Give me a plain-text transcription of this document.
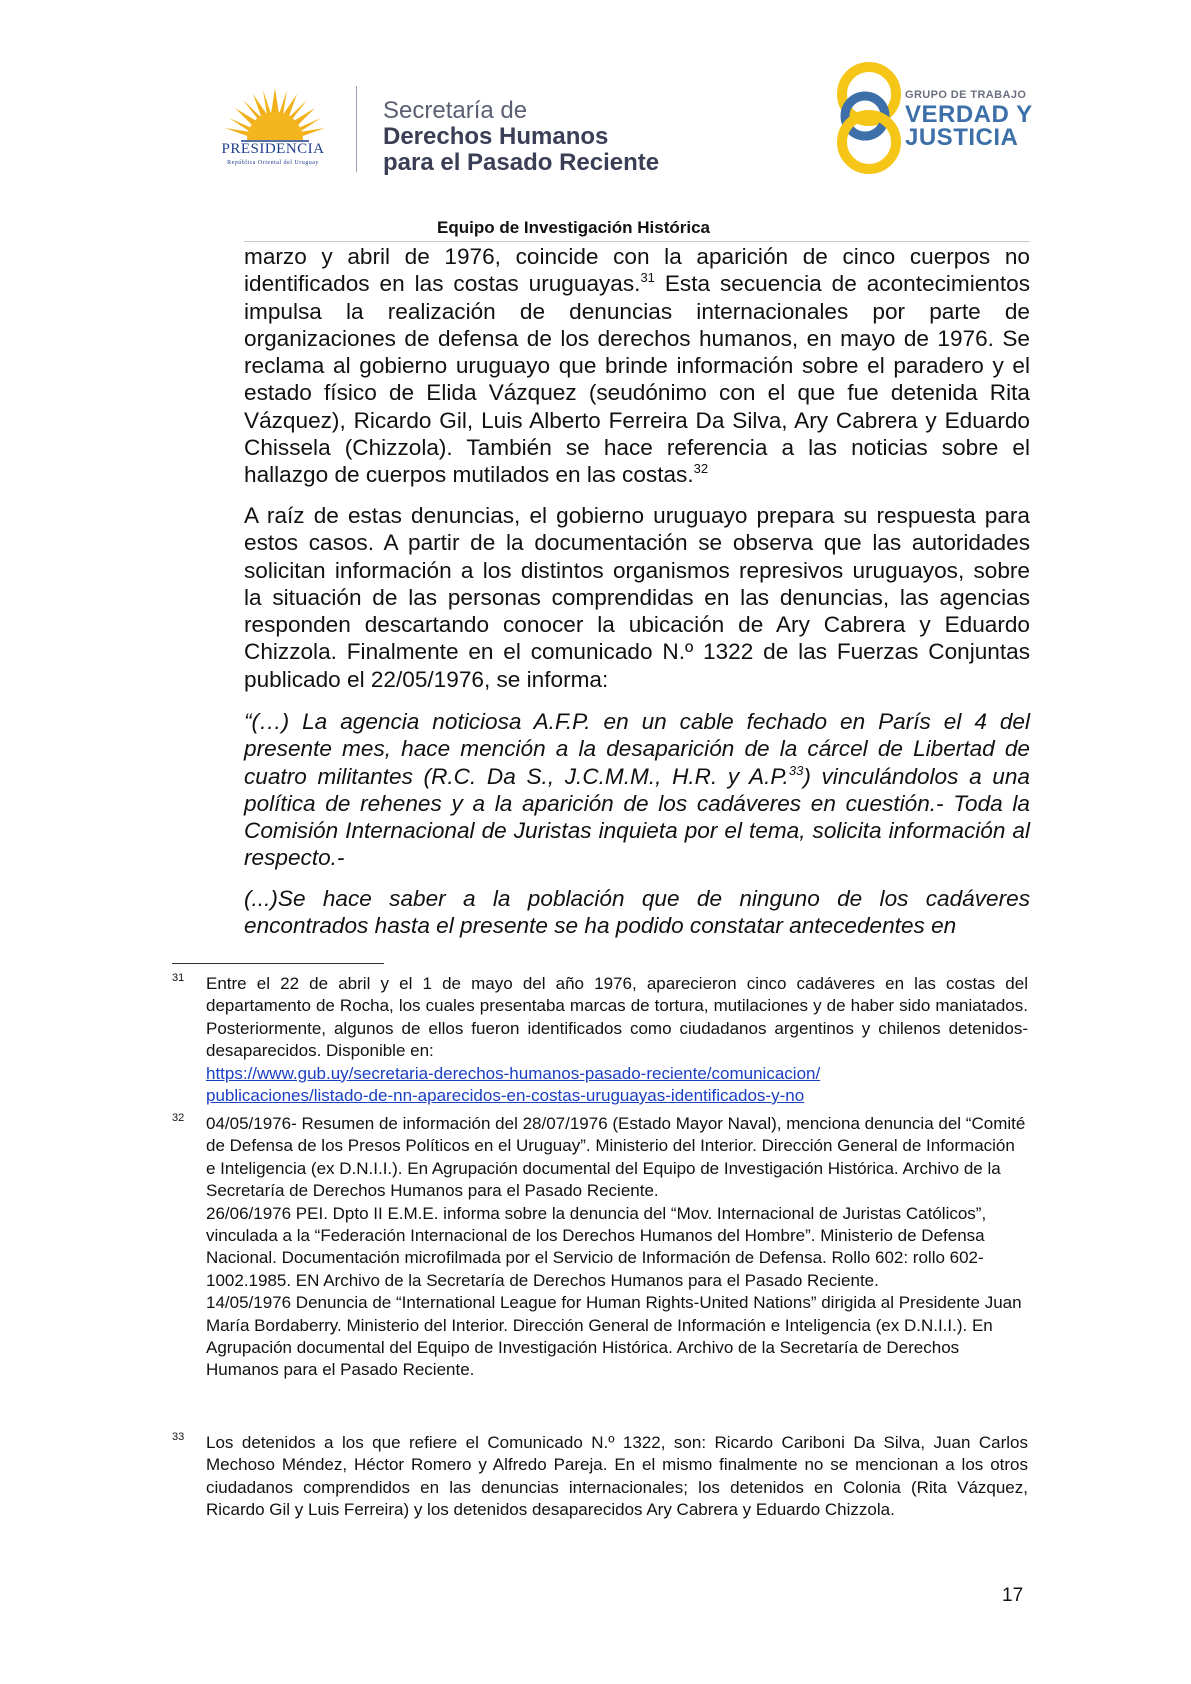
PRESIDENCIA
República Oriental del Uruguay
Secretaría de
Derechos Humanos
para el Pasado Reciente
GRUPO DE TRABAJO
VERDAD Y
JUSTICIA
Equipo de Investigación Histórica

marzo y abril de 1976, coincide con la aparición de cinco cuerpos no identificados en las costas uruguayas.$^{31}$ Esta secuencia de acontecimientos impulsa la realización de denuncias internacionales por parte de organizaciones de defensa de los derechos humanos, en mayo de 1976. Se reclama al gobierno uruguayo que brinde información sobre el paradero y el estado físico de Elida Vázquez (seudónimo con el que fue detenida Rita Vázquez), Ricardo Gil, Luis Alberto Ferreira Da Silva, Ary Cabrera y Eduardo Chissela (Chizzola). También se hace referencia a las noticias sobre el hallazgo de cuerpos mutilados en las costas.$^{32}$

A raíz de estas denuncias, el gobierno uruguayo prepara su respuesta para estos casos. A partir de la documentación se observa que las autoridades solicitan información a los distintos organismos represivos uruguayos, sobre la situación de las personas comprendidas en las denuncias, las agencias responden descartando conocer la ubicación de Ary Cabrera y Eduardo Chizzola. Finalmente en el comunicado N.º 1322 de las Fuerzas Conjuntas publicado el 22/05/1976, se informa:

“(…) La agencia noticiosa A.F.P. en un cable fechado en París el 4 del presente mes, hace mención a la desaparición de la cárcel de Libertad de cuatro militantes (R.C. Da S., J.C.M.M., H.R. y A.P.$^{33}$) vinculándolos a una política de rehenes y a la aparición de los cadáveres en cuestión.- Toda la Comisión Internacional de Juristas inquieta por el tema, solicita información al respecto.-

(...)Se hace saber a la población que de ninguno de los cadáveres encontrados hasta el presente se ha podido constatar antecedentes en

31 Entre el 22 de abril y el 1 de mayo del año 1976, aparecieron cinco cadáveres en las costas del departamento de Rocha, los cuales presentaba marcas de tortura, mutilaciones y de haber sido maniatados. Posteriormente, algunos de ellos fueron identificados como ciudadanos argentinos y chilenos detenidos-desaparecidos. Disponible en:

https://www.gub.uy/secretaria-derechos-humanos-pasado-reciente/comunicacion/
publicaciones/listado-de-nn-aparecidos-en-costas-uruguayas-identificados-y-no
32 04/05/1976- Resumen de información del 28/07/1976 (Estado Mayor Naval), menciona denuncia del “Comité de Defensa de los Presos Políticos en el Uruguay”. Ministerio del Interior. Dirección General de Información e Inteligencia (ex D.N.I.I.). En Agrupación documental del Equipo de Investigación Histórica. Archivo de la Secretaría de Derechos Humanos para el Pasado Reciente.

26/06/1976 PEI. Dpto II E.M.E. informa sobre la denuncia del “Mov. Internacional de Juristas Católicos”, vinculada a la “Federación Internacional de los Derechos Humanos del Hombre”. Ministerio de Defensa Nacional. Documentación microfilmada por el Servicio de Información de Defensa. Rollo 602: rollo 602-1002.1985. EN Archivo de la Secretaría de Derechos Humanos para el Pasado Reciente.

14/05/1976 Denuncia de “International League for Human Rights-United Nations” dirigida al Presidente Juan María Bordaberry. Ministerio del Interior. Dirección General de Información e Inteligencia (ex D.N.I.I.). En Agrupación documental del Equipo de Investigación Histórica. Archivo de la Secretaría de Derechos Humanos para el Pasado Reciente.

33 Los detenidos a los que refiere el Comunicado N.º 1322, son: Ricardo Cariboni Da Silva, Juan Carlos Mechoso Méndez, Héctor Romero y Alfredo Pareja. En el mismo finalmente no se mencionan a los otros ciudadanos comprendidos en las denuncias internacionales; los detenidos en Colonia (Rita Vázquez, Ricardo Gil y Luis Ferreira) y los detenidos desaparecidos Ary Cabrera y Eduardo Chizzola.

17
